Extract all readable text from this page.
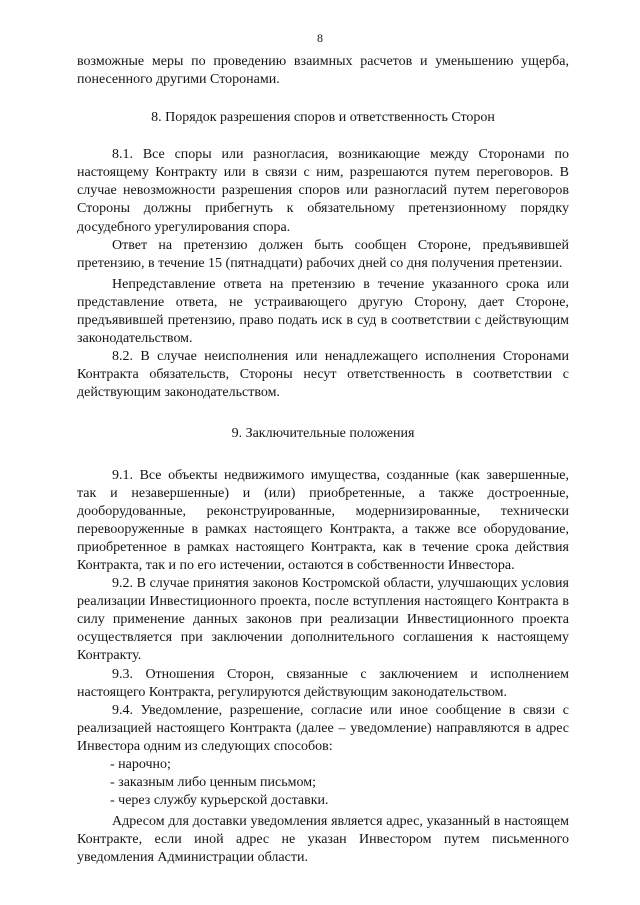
8

возможные меры по проведению взаимных расчетов и уменьшению ущерба, понесенного другими Сторонами.

8. Порядок разрешения споров и ответственность Сторон

8.1. Все споры или разногласия, возникающие между Сторонами по настоящему Контракту или в связи с ним, разрешаются путем переговоров. В случае невозможности разрешения споров или разногласий путем переговоров Стороны должны прибегнуть к обязательному претензионному порядку досудебного урегулирования спора.

Ответ на претензию должен быть сообщен Стороне, предъявившей претензию, в течение 15 (пятнадцати) рабочих дней со дня получения претензии.

Непредставление ответа на претензию в течение указанного срока или представление ответа, не устраивающего другую Сторону, дает Стороне, предъявившей претензию, право подать иск в суд в соответствии с действующим законодательством.

8.2. В случае неисполнения или ненадлежащего исполнения Сторонами Контракта обязательств, Стороны несут ответственность в соответствии с действующим законодательством.

9. Заключительные положения

9.1. Все объекты недвижимого имущества, созданные (как завершенные, так и незавершенные) и (или) приобретенные, а также достроенные, дооборудованные, реконструированные, модернизированные, технически перевооруженные в рамках настоящего Контракта, а также все оборудование, приобретенное в рамках настоящего Контракта, как в течение срока действия Контракта, так и по его истечении, остаются в собственности Инвестора.

9.2. В случае принятия законов Костромской области, улучшающих условия реализации Инвестиционного проекта, после вступления настоящего Контракта в силу применение данных законов при реализации Инвестиционного проекта осуществляется при заключении дополнительного соглашения к настоящему Контракту.

9.3. Отношения Сторон, связанные с заключением и исполнением настоящего Контракта, регулируются действующим законодательством.

9.4. Уведомление, разрешение, согласие или иное сообщение в связи с реализацией настоящего Контракта (далее – уведомление) направляются в адрес Инвестора одним из следующих способов:

- нарочно;
- заказным либо ценным письмом;
- через службу курьерской доставки.

Адресом для доставки уведомления является адрес, указанный в настоящем Контракте, если иной адрес не указан Инвестором путем письменного уведомления Администрации области.
